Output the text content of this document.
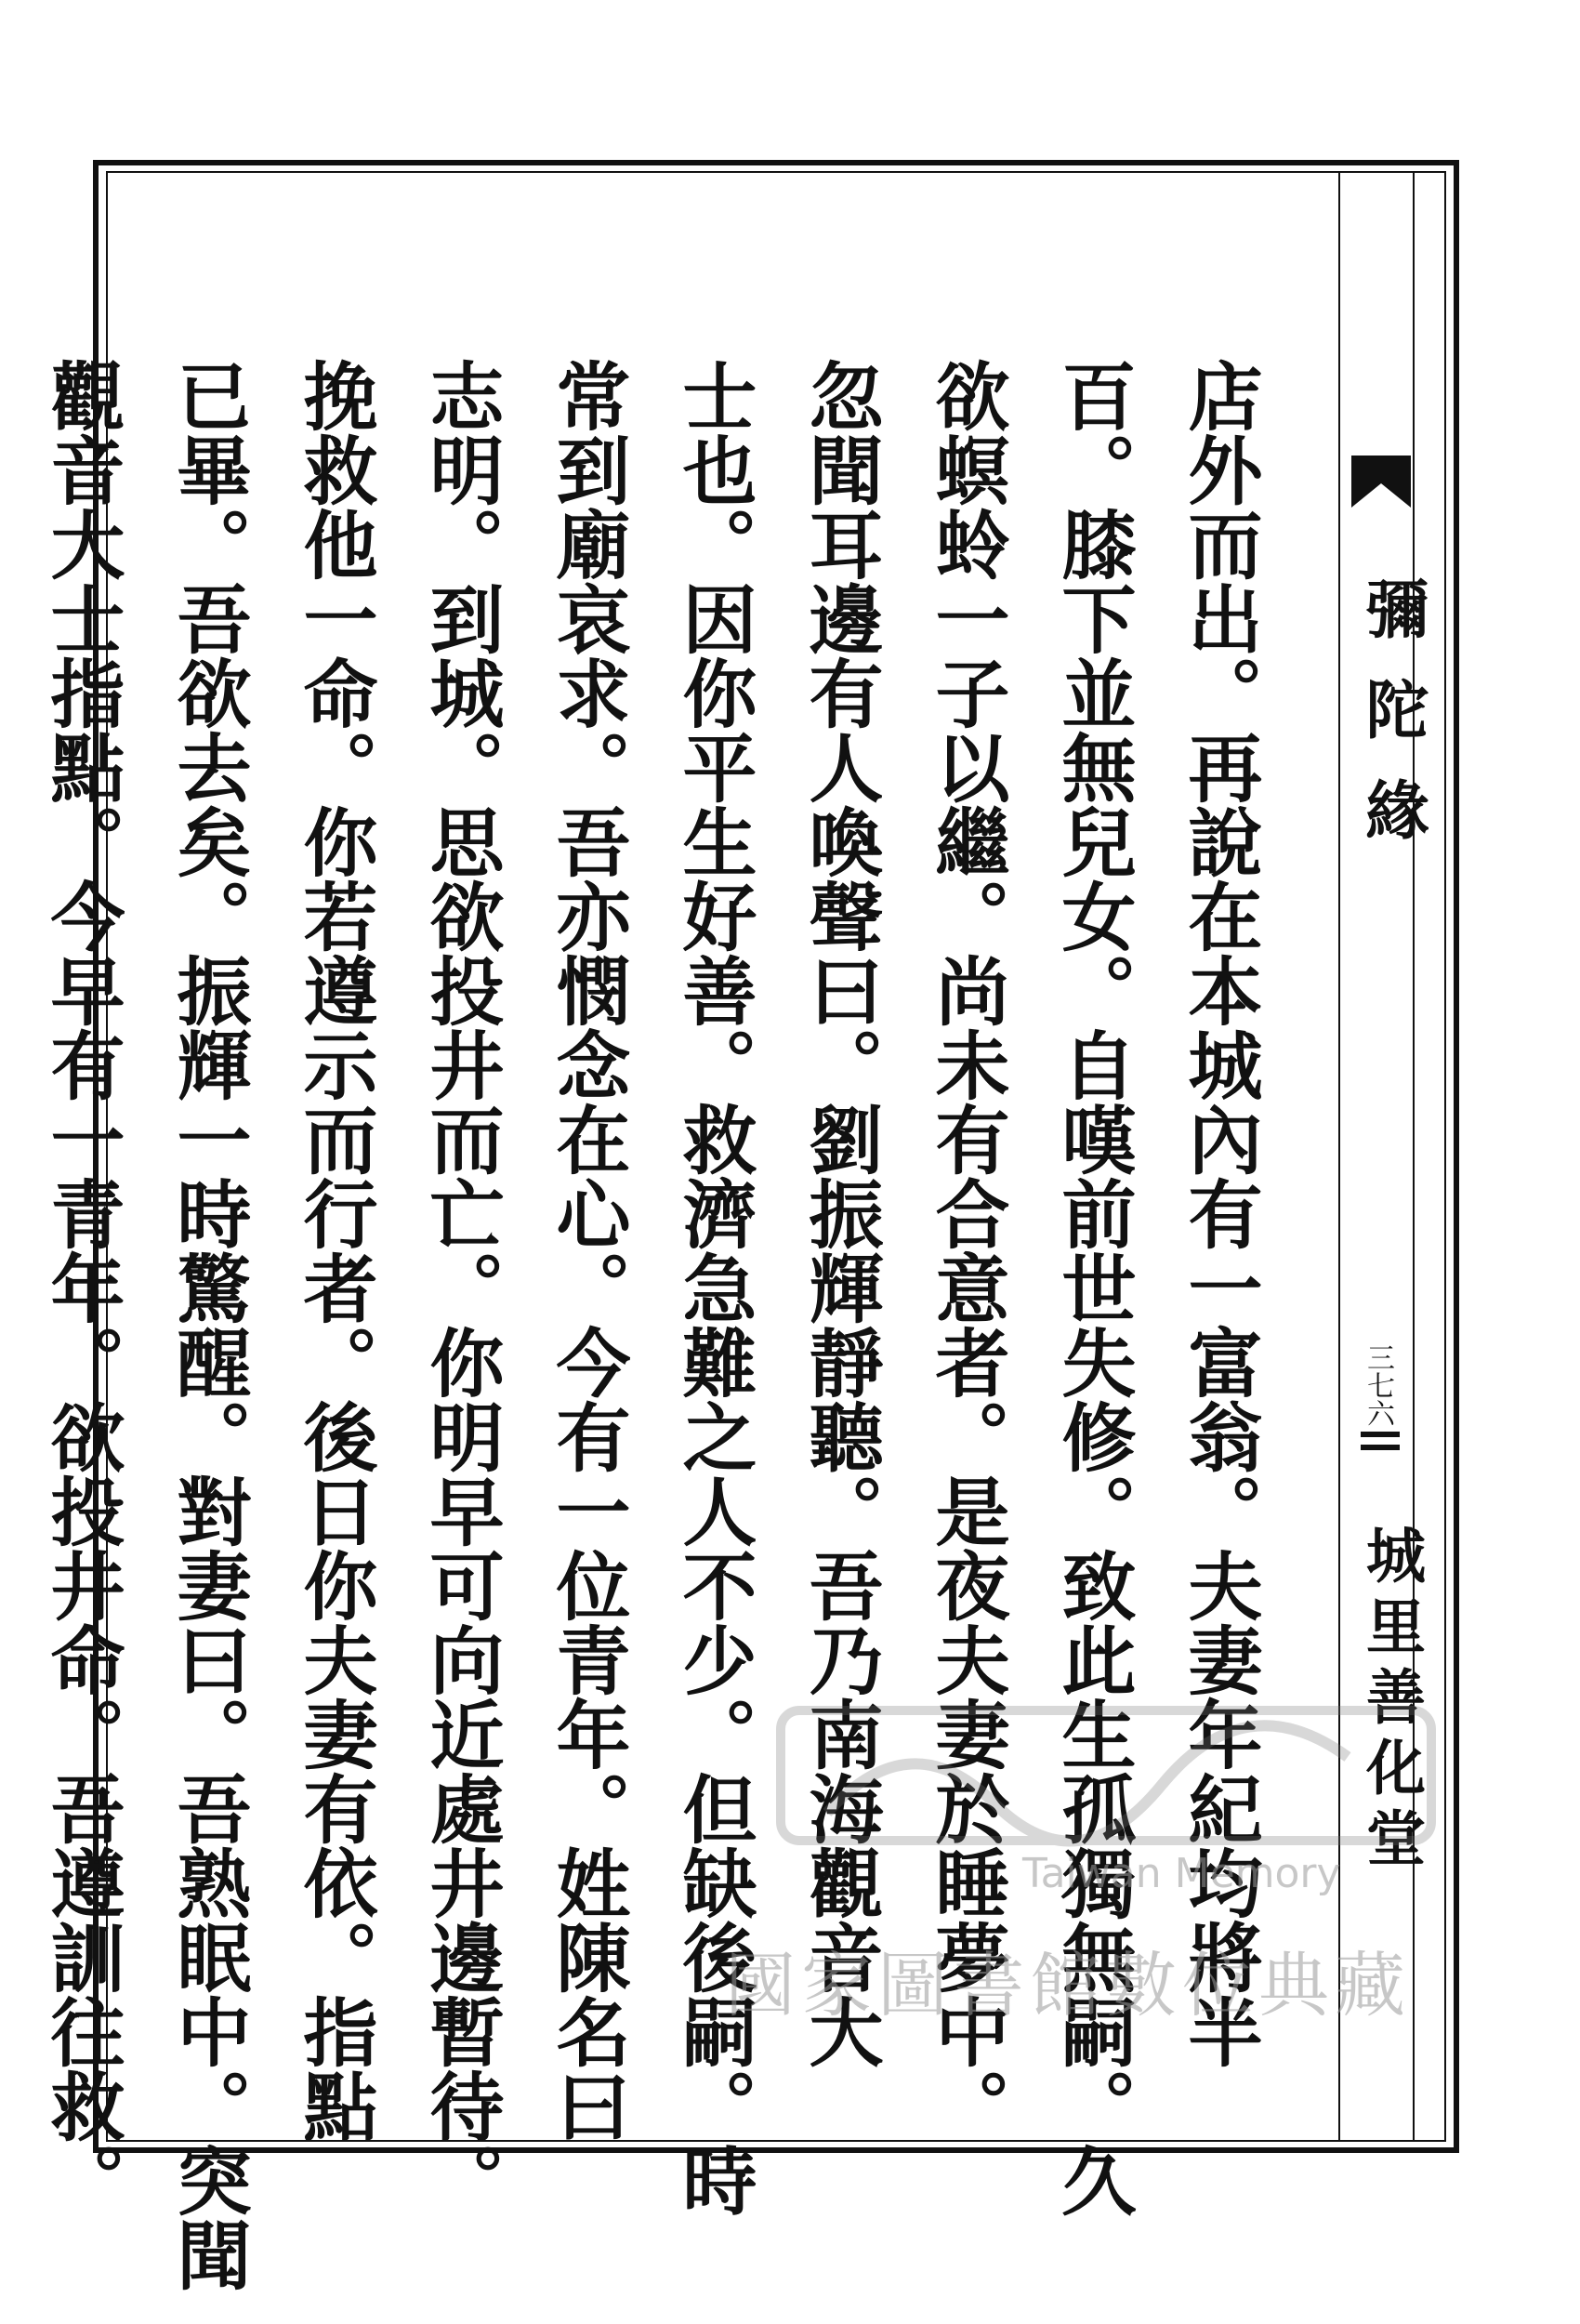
彌陀緣
三七六
城里善化堂
店外而出。再說在本城內有一富翁。夫妻年紀均將半
百。膝下並無兒女。自嘆前世失修。致此生孤獨無嗣。久
欲螟蛉一子以繼。尚未有合意者。是夜夫妻於睡夢中。
忽聞耳邊有人喚聲曰。劉振輝靜聽。吾乃南海觀音大
士也。因你平生好善。救濟急難之人不少。但缺後嗣。時
常到廟哀求。吾亦憫念在心。今有一位青年。姓陳名曰
志明。到城。思欲投井而亡。你明早可向近處井邊暫待。
挽救他一命。你若遵示而行者。後日你夫妻有依。指點
已畢。吾欲去矣。振輝一時驚醒。對妻曰。吾熟眠中。突聞
觀音大士指點。今早有一青年。欲投井命。吾遵訓往救。	Taiwan Memory
國家圖書館數位典藏
